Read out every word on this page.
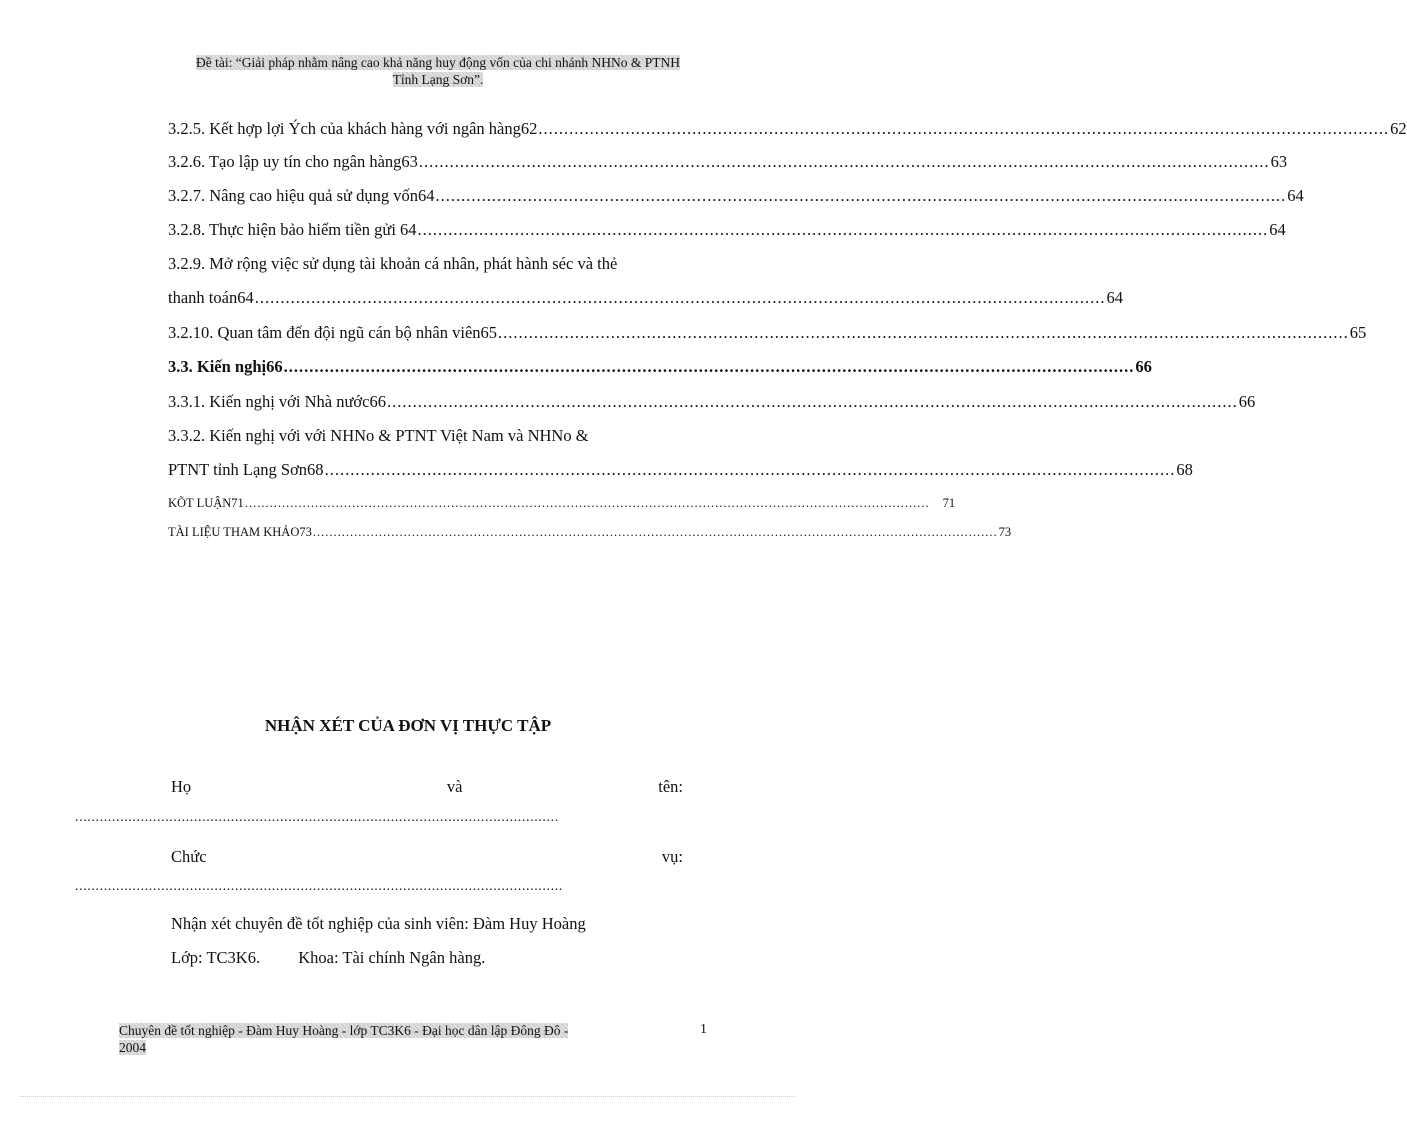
Đề tài: “Giải pháp nhằm nâng cao khả năng huy động vốn của chi nhánh NHNo & PTNH
Tỉnh Lạng Sơn”.
3.2.5. Kết hợp lợi Ých của khách hàng với ngân hàng62 ...................................................................................................................................................................... 62
3.2.6. Tạo lập uy tín cho ngân hàng63 ...................................................................................................................................................................... 63
3.2.7. Nâng cao hiệu quả sử dụng vốn64 ...................................................................................................................................................................... 64
3.2.8. Thực hiện bảo hiểm tiền gửi 64 ...................................................................................................................................................................... 64
3.2.9. Mở rộng việc sử dụng tài khoản cá nhân, phát hành séc và thẻ
thanh toán64 ...................................................................................................................................................................... 64
3.2.10. Quan tâm đến đội ngũ cán bộ nhân viên65 ...................................................................................................................................................................... 65
3.3. Kiến nghị66 ...................................................................................................................................................................... 66
3.3.1. Kiến nghị với Nhà nước66 ...................................................................................................................................................................... 66
3.3.2. Kiến nghị với với NHNo & PTNT Việt Nam và NHNo &
PTNT tỉnh Lạng Sơn68 ...................................................................................................................................................................... 68
KÕT LUẬN71 ...................................................................................................................................................................... 71
TÀI LIỆU THAM KHẢO73 ...................................................................................................................................................................... 73
NHẬN XÉT CỦA ĐƠN VỊ THỰC TẬP
Họ	và	tên:
......................................................................................................................
Chức	vụ:
.......................................................................................................................
Nhận xét chuyên đề tốt nghiệp của sinh viên: Đàm Huy Hoàng
Lớp: TC3K6. Khoa: Tài chính Ngân hàng.
Chuyên đề tốt nghiệp - Đàm Huy Hoàng - lớp TC3K6 - Đại học dân lập Đông Đô -
2004
1
